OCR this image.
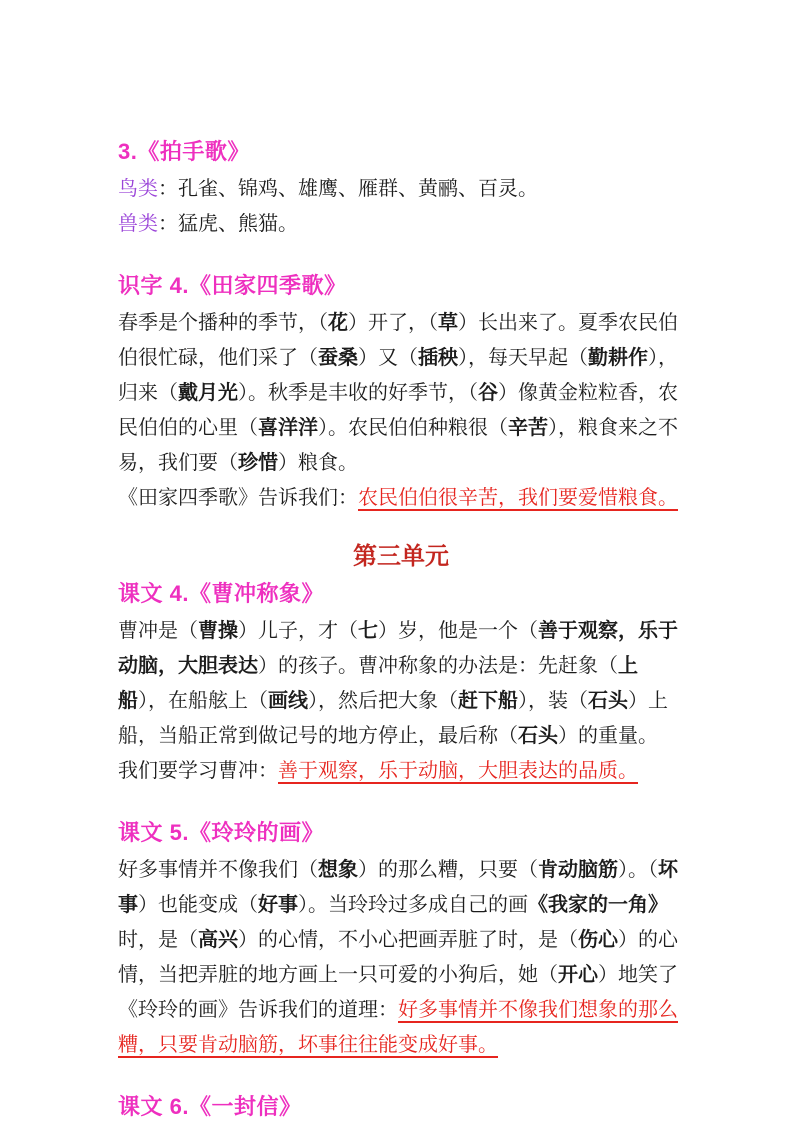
3.《拍手歌》

鸟类：孔雀、锦鸡、雄鹰、雁群、黄鹂、百灵。

兽类：猛虎、熊猫。

识字 4.《田家四季歌》

春季是个播种的季节，（花）开了，（草）长出来了。夏季农民伯伯很忙碌，他们采了（蚕桑）又（插秧），每天早起（勤耕作），归来（戴月光）。秋季是丰收的好季节，（谷）像黄金粒粒香，农民伯伯的心里（喜洋洋）。农民伯伯种粮很（辛苦），粮食来之不易，我们要（珍惜）粮食。

《田家四季歌》告诉我们：农民伯伯很辛苦，我们要爱惜粮食。

第三单元
课文 4.《曹冲称象》

曹冲是（曹操）儿子，才（七）岁，他是一个（善于观察，乐于动脑，大胆表达）的孩子。曹冲称象的办法是：先赶象（上船），在船舷上（画线），然后把大象（赶下船），装（石头）上船，当船正常到做记号的地方停止，最后称（石头）的重量。

我们要学习曹冲：善于观察，乐于动脑，大胆表达的品质。

课文 5.《玲玲的画》

好多事情并不像我们（想象）的那么糟，只要（肯动脑筋）。（坏事）也能变成（好事）。当玲玲过多成自己的画《我家的一角》时，是（高兴）的心情，不小心把画弄脏了时，是（伤心）的心情，当把弄脏的地方画上一只可爱的小狗后，她（开心）地笑了

《玲玲的画》告诉我们的道理：好多事情并不像我们想象的那么糟，只要肯动脑筋，坏事往往能变成好事。

课文 6.《一封信》
